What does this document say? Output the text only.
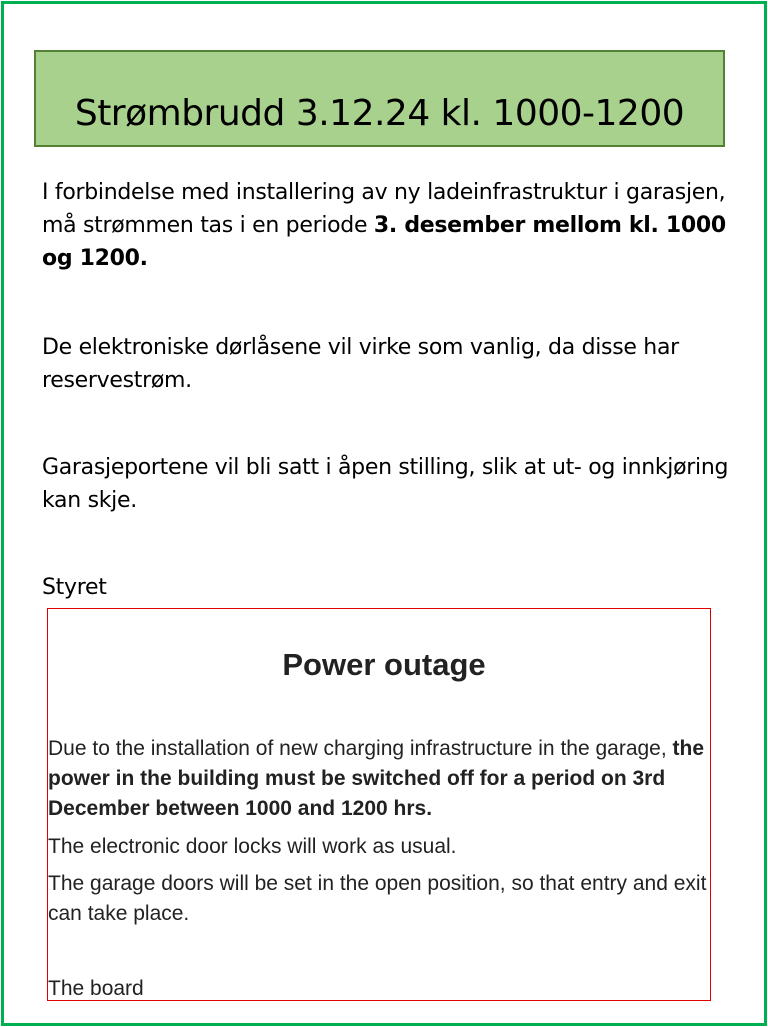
Strømbrudd 3.12.24 kl. 1000-1200

I forbindelse med installering av ny ladeinfrastruktur i garasjen, må strømmen tas i en periode 3. desember mellom kl. 1000 og 1200.

De elektroniske dørlåsene vil virke som vanlig, da disse har reservestrøm.

Garasjeportene vil bli satt i åpen stilling, slik at ut- og innkjøring kan skje.

Styret

Power outage

Due to the installation of new charging infrastructure in the garage, the power in the building must be switched off for a period on 3rd December between 1000 and 1200 hrs.

The electronic door locks will work as usual.

The garage doors will be set in the open position, so that entry and exit can take place.

The board
